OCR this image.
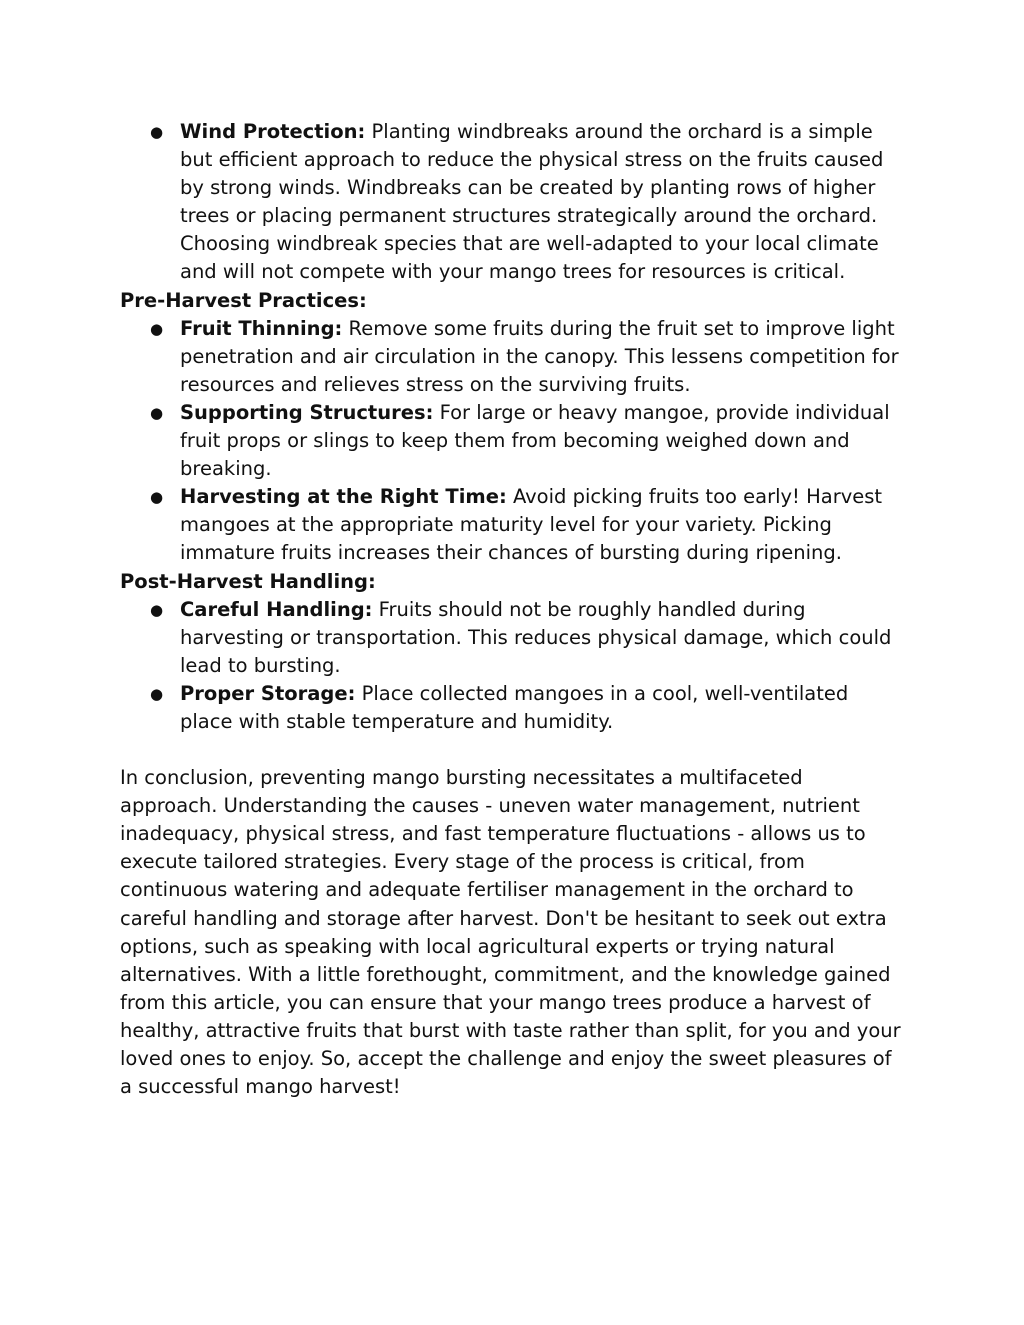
● Wind Protection: Planting windbreaks around the orchard is a simple but efficient approach to reduce the physical stress on the fruits caused by strong winds. Windbreaks can be created by planting rows of higher trees or placing permanent structures strategically around the orchard. Choosing windbreak species that are well-adapted to your local climate and will not compete with your mango trees for resources is critical.

Pre-Harvest Practices:

● Fruit Thinning: Remove some fruits during the fruit set to improve light penetration and air circulation in the canopy. This lessens competition for resources and relieves stress on the surviving fruits.
● Supporting Structures: For large or heavy mangoe, provide individual fruit props or slings to keep them from becoming weighed down and breaking.
● Harvesting at the Right Time: Avoid picking fruits too early! Harvest mangoes at the appropriate maturity level for your variety. Picking immature fruits increases their chances of bursting during ripening.

Post-Harvest Handling:

● Careful Handling: Fruits should not be roughly handled during harvesting or transportation. This reduces physical damage, which could lead to bursting.
● Proper Storage: Place collected mangoes in a cool, well-ventilated place with stable temperature and humidity.

In conclusion, preventing mango bursting necessitates a multifaceted approach. Understanding the causes - uneven water management, nutrient inadequacy, physical stress, and fast temperature fluctuations - allows us to execute tailored strategies. Every stage of the process is critical, from continuous watering and adequate fertiliser management in the orchard to careful handling and storage after harvest. Don't be hesitant to seek out extra options, such as speaking with local agricultural experts or trying natural alternatives. With a little forethought, commitment, and the knowledge gained from this article, you can ensure that your mango trees produce a harvest of healthy, attractive fruits that burst with taste rather than split, for you and your loved ones to enjoy. So, accept the challenge and enjoy the sweet pleasures of a successful mango harvest!
